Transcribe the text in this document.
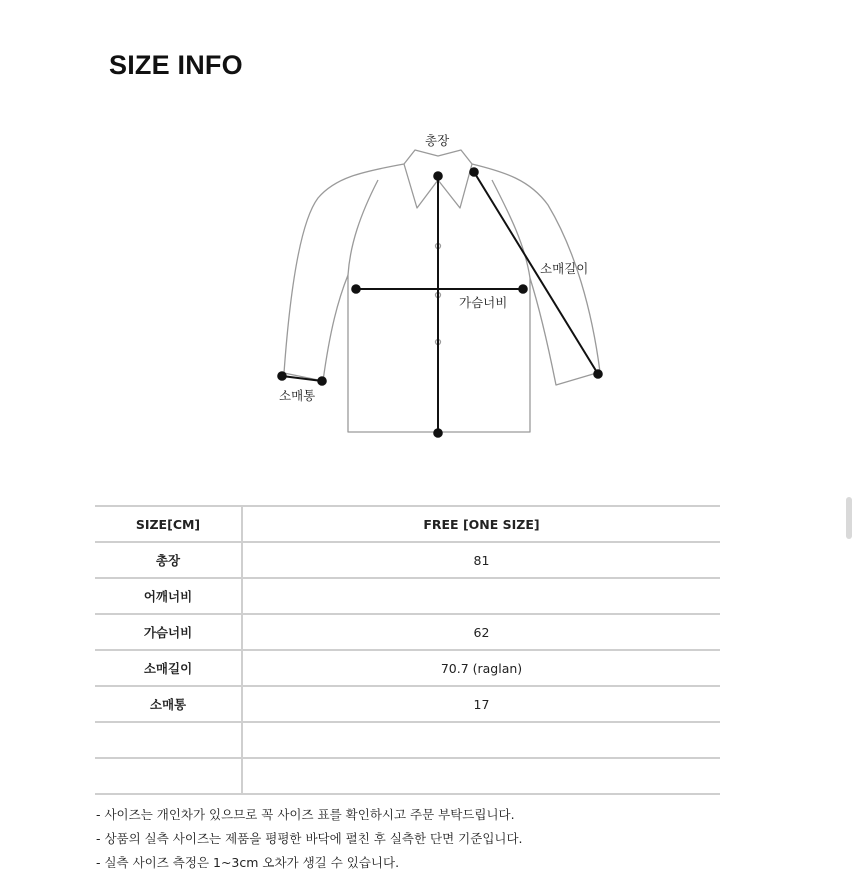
SIZE INFO
총장
소매길이
가슴너비
소매통
SIZE[CM]	FREE [ONE SIZE]
총장	81
어깨너비	
가슴너비	62
소매길이	70.7 (raglan)
소매통	17

- 사이즈는 개인차가 있으므로 꼭 사이즈 표를 확인하시고 주문 부탁드립니다.
- 상품의 실측 사이즈는 제품을 평평한 바닥에 펼친 후 실측한 단면 기준입니다.
- 실측 사이즈 측정은 1~3cm 오차가 생길 수 있습니다.
